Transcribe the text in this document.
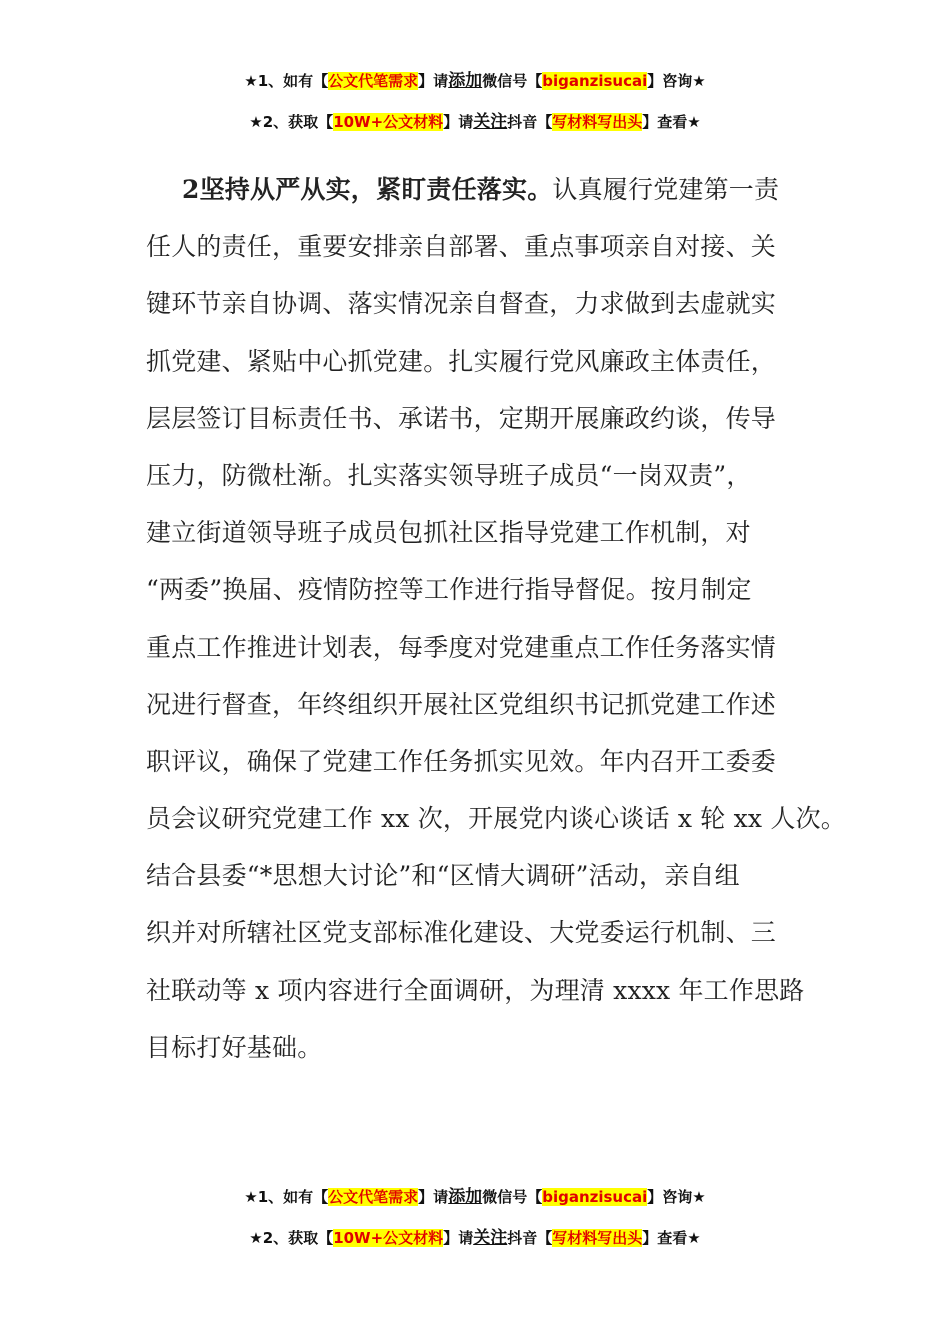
★1、如有【公文代笔需求】请添加微信号【biganzisucai】咨询★
★2、获取【10W+公文材料】请关注抖音【写材料写出头】查看★
2坚持从严从实，紧盯责任落实。认真履行党建第一责
任人的责任，重要安排亲自部署、重点事项亲自对接、关
键环节亲自协调、落实情况亲自督查，力求做到去虚就实
抓党建、紧贴中心抓党建。扎实履行党风廉政主体责任，
层层签订目标责任书、承诺书，定期开展廉政约谈，传导
压力，防微杜渐。扎实落实领导班子成员“一岗双责”，
建立街道领导班子成员包抓社区指导党建工作机制，对
“两委”换届、疫情防控等工作进行指导督促。按月制定
重点工作推进计划表，每季度对党建重点工作任务落实情
况进行督查，年终组织开展社区党组织书记抓党建工作述
职评议，确保了党建工作任务抓实见效。年内召开工委委
员会议研究党建工作 xx 次，开展党内谈心谈话 x 轮 xx 人次。
结合县委“*思想大讨论”和“区情大调研”活动，亲自组
织并对所辖社区党支部标准化建设、大党委运行机制、三
社联动等 x 项内容进行全面调研，为理清 xxxx 年工作思路
目标打好基础。
★1、如有【公文代笔需求】请添加微信号【biganzisucai】咨询★
★2、获取【10W+公文材料】请关注抖音【写材料写出头】查看★
